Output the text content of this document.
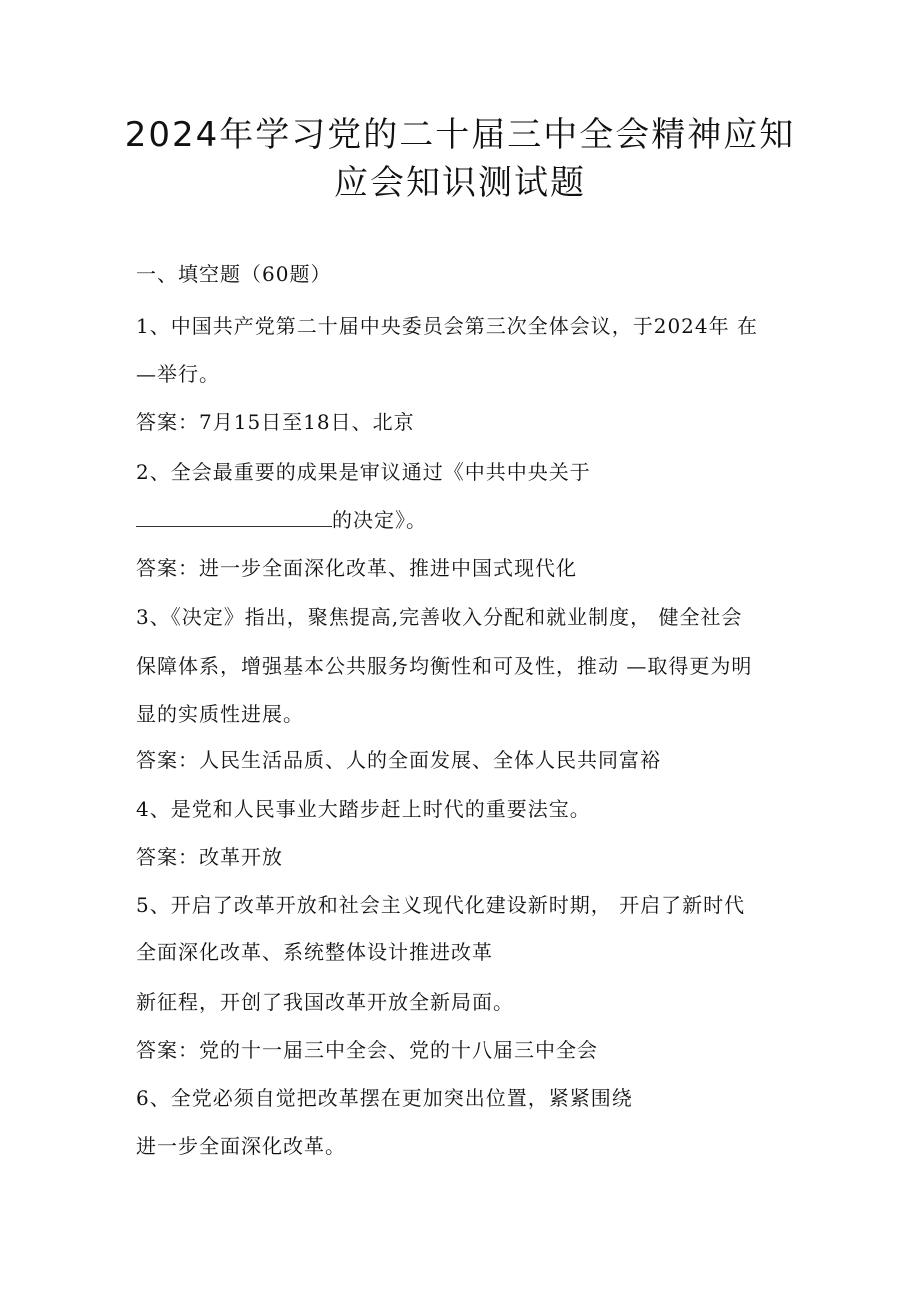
2024年学习党的二十届三中全会精神应知
应会知识测试题
一、填空题（60题）
1、中国共产党第二十届中央委员会第三次全体会议，于2024年 在
—举行。
答案：7月15日至18日、北京
2、全会最重要的成果是审议通过《中共中央关于
的决定》。
答案：进一步全面深化改革、推进中国式现代化
3、《决定》指出，聚焦提高,完善收入分配和就业制度， 健全社会
保障体系，增强基本公共服务均衡性和可及性，推动 —取得更为明
显的实质性进展。
答案：人民生活品质、人的全面发展、全体人民共同富裕
4、是党和人民事业大踏步赶上时代的重要法宝。
答案：改革开放
5、开启了改革开放和社会主义现代化建设新时期， 开启了新时代
全面深化改革、系统整体设计推进改革
新征程，开创了我国改革开放全新局面。
答案：党的十一届三中全会、党的十八届三中全会
6、全党必须自觉把改革摆在更加突出位置，紧紧围绕
进一步全面深化改革。
